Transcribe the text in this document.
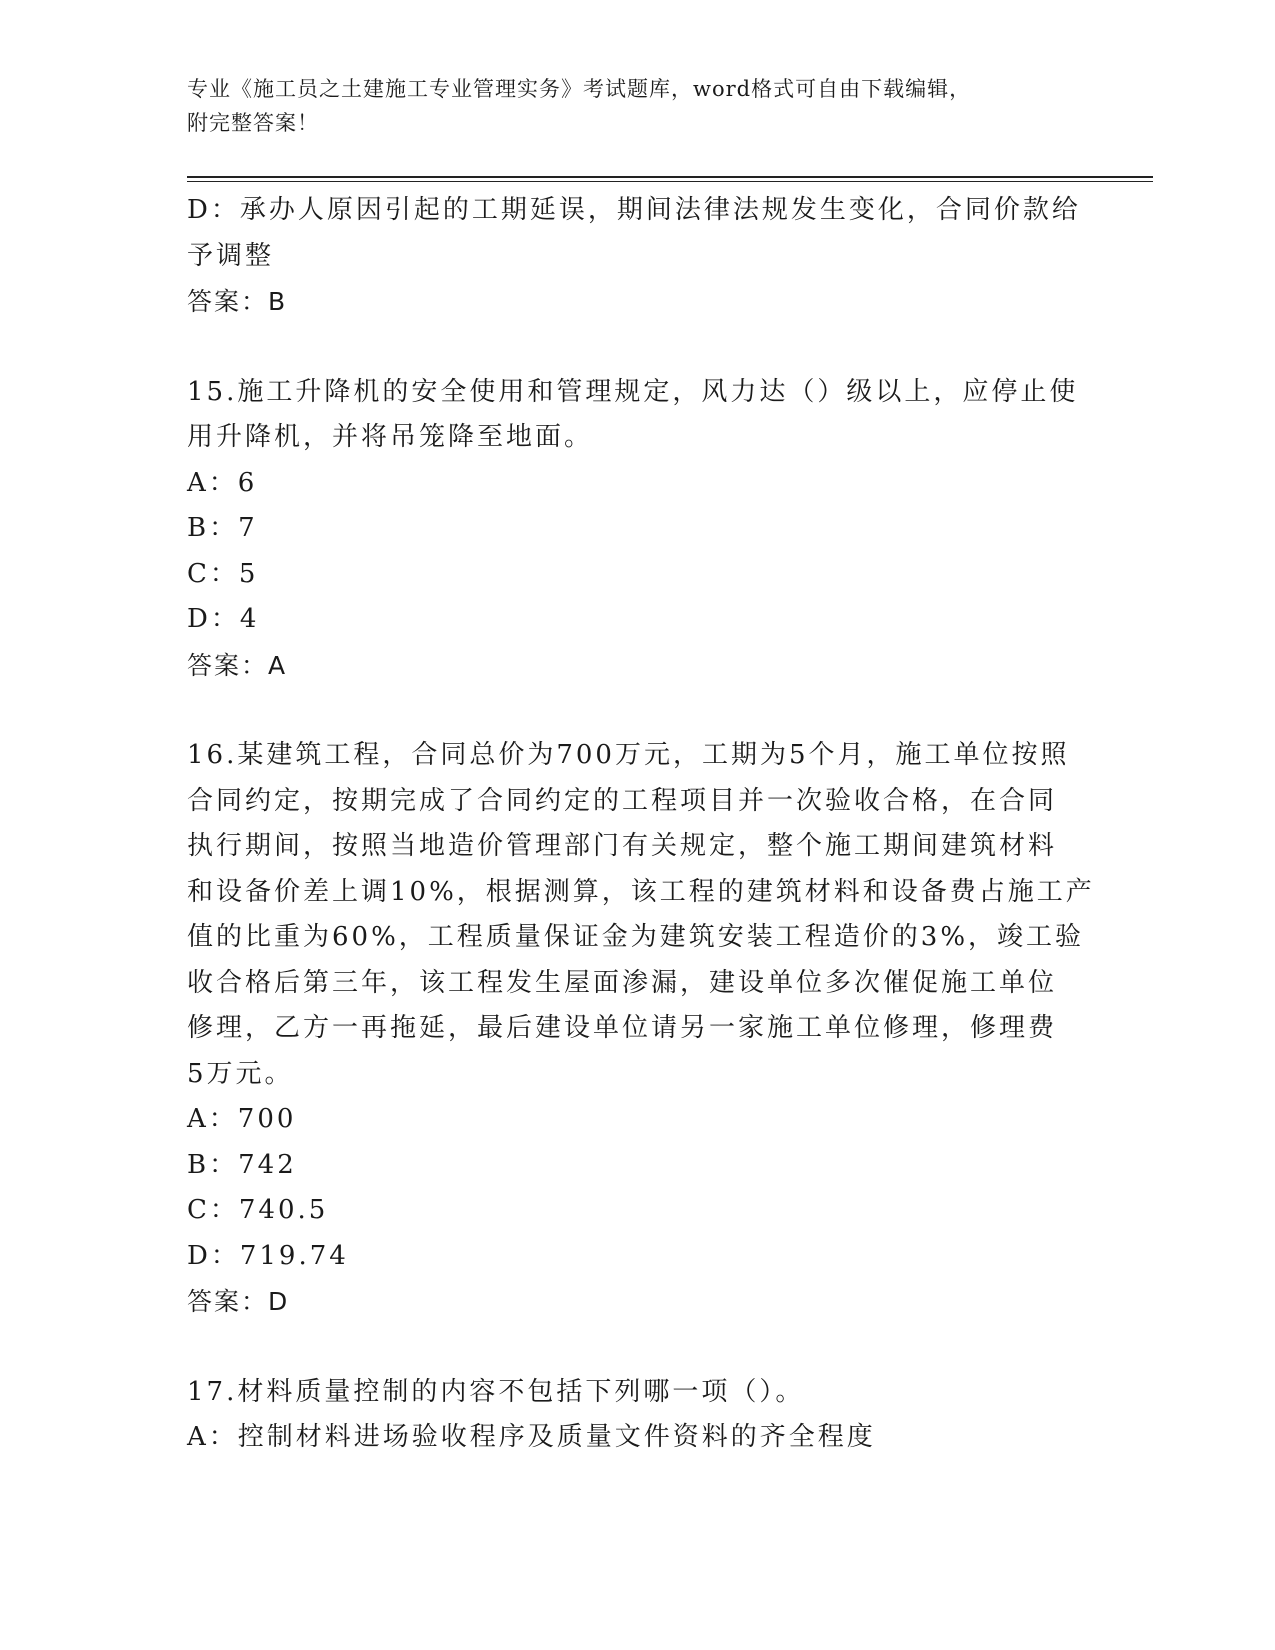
专业《施工员之土建施工专业管理实务》考试题库，word格式可自由下载编辑，
附完整答案！

D：承办人原因引起的工期延误，期间法律法规发生变化，合同价款给

予调整

答案：B

15.施工升降机的安全使用和管理规定，风力达（）级以上，应停止使

用升降机，并将吊笼降至地面。

A：6

B：7

C：5

D：4

答案：A

16.某建筑工程，合同总价为700万元，工期为5个月，施工单位按照

合同约定，按期完成了合同约定的工程项目并一次验收合格，在合同

执行期间，按照当地造价管理部门有关规定，整个施工期间建筑材料

和设备价差上调10%，根据测算，该工程的建筑材料和设备费占施工产

值的比重为60%，工程质量保证金为建筑安装工程造价的3%，竣工验

收合格后第三年，该工程发生屋面渗漏，建设单位多次催促施工单位

修理，乙方一再拖延，最后建设单位请另一家施工单位修理，修理费

5万元。

A：700

B：742

C：740.5

D：719.74

答案：D

17.材料质量控制的内容不包括下列哪一项（）。

A：控制材料进场验收程序及质量文件资料的齐全程度
